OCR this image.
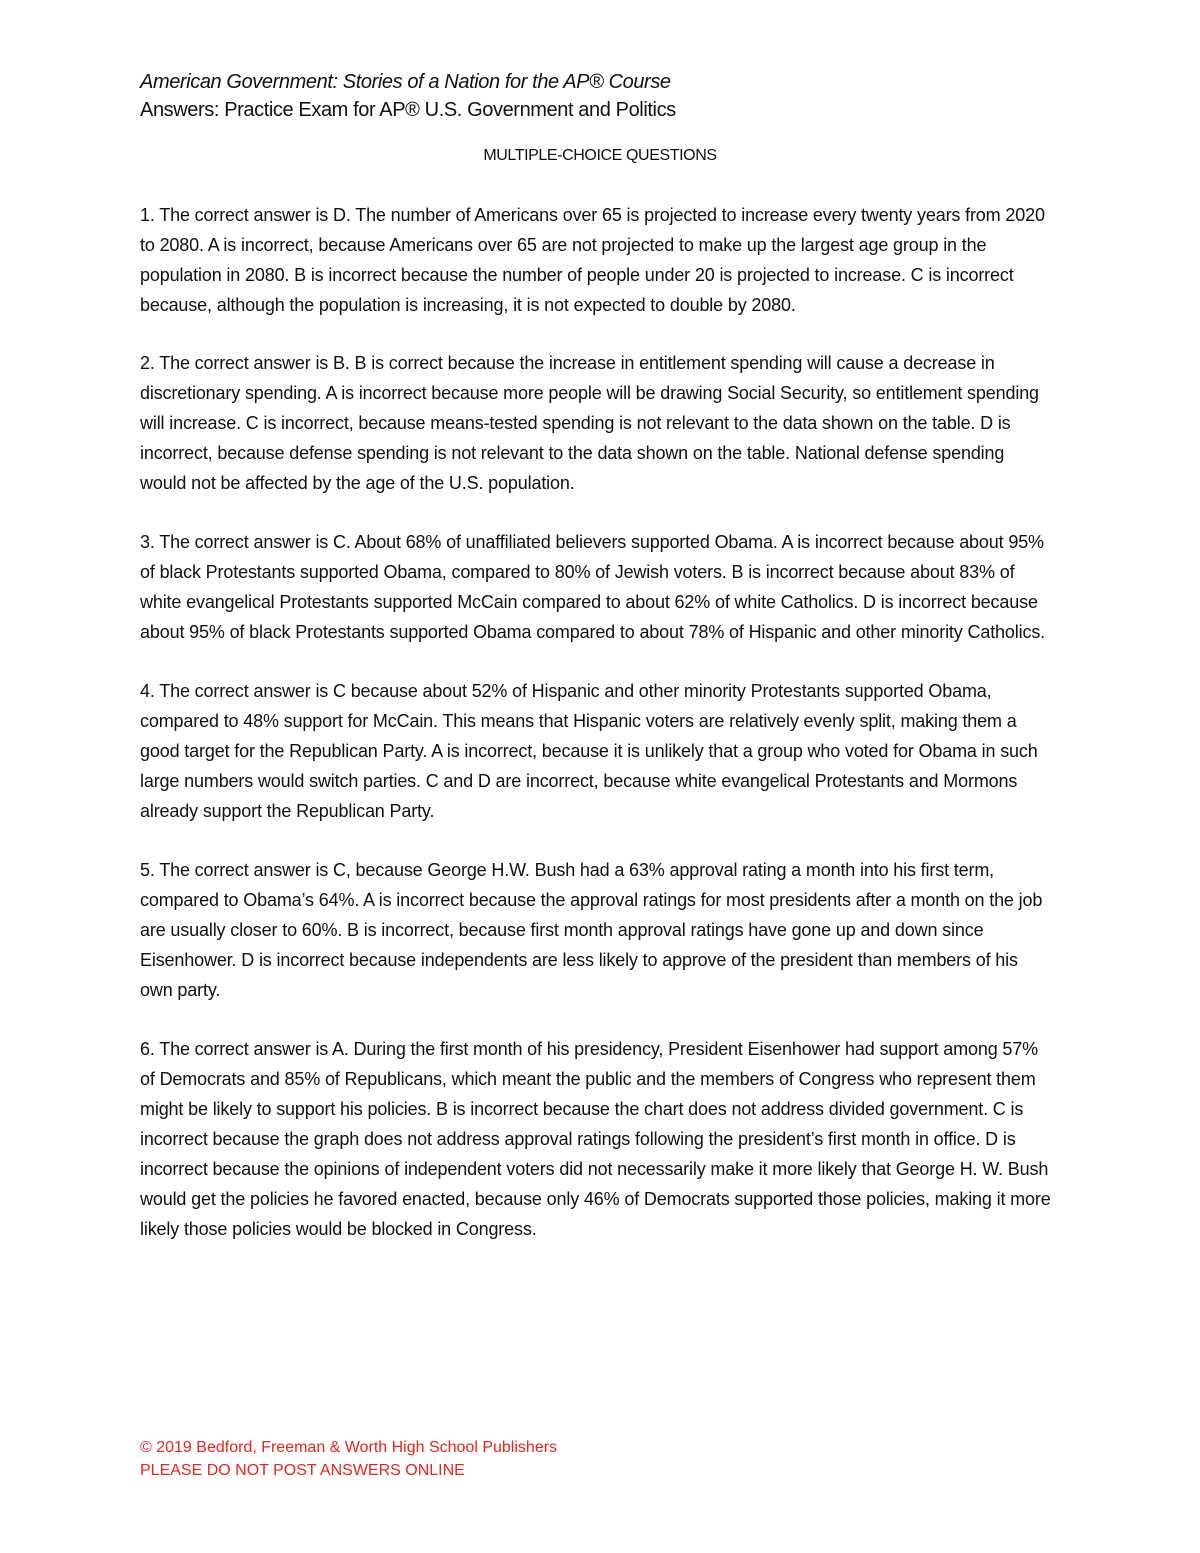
American Government: Stories of a Nation for the AP® Course
Answers: Practice Exam for AP® U.S. Government and Politics
MULTIPLE-CHOICE QUESTIONS

1. The correct answer is D. The number of Americans over 65 is projected to increase every twenty years from 2020 to 2080. A is incorrect, because Americans over 65 are not projected to make up the largest age group in the population in 2080. B is incorrect because the number of people under 20 is projected to increase. C is incorrect because, although the population is increasing, it is not expected to double by 2080.

2. The correct answer is B. B is correct because the increase in entitlement spending will cause a decrease in discretionary spending. A is incorrect because more people will be drawing Social Security, so entitlement spending will increase. C is incorrect, because means-tested spending is not relevant to the data shown on the table. D is incorrect, because defense spending is not relevant to the data shown on the table. National defense spending would not be affected by the age of the U.S. population.

3. The correct answer is C. About 68% of unaffiliated believers supported Obama. A is incorrect because about 95% of black Protestants supported Obama, compared to 80% of Jewish voters. B is incorrect because about 83% of white evangelical Protestants supported McCain compared to about 62% of white Catholics. D is incorrect because about 95% of black Protestants supported Obama compared to about 78% of Hispanic and other minority Catholics.

4. The correct answer is C because about 52% of Hispanic and other minority Protestants supported Obama, compared to 48% support for McCain. This means that Hispanic voters are relatively evenly split, making them a good target for the Republican Party. A is incorrect, because it is unlikely that a group who voted for Obama in such large numbers would switch parties. C and D are incorrect, because white evangelical Protestants and Mormons already support the Republican Party.

5. The correct answer is C, because George H.W. Bush had a 63% approval rating a month into his first term, compared to Obama’s 64%. A is incorrect because the approval ratings for most presidents after a month on the job are usually closer to 60%. B is incorrect, because first month approval ratings have gone up and down since Eisenhower. D is incorrect because independents are less likely to approve of the president than members of his own party.

6. The correct answer is A. During the first month of his presidency, President Eisenhower had support among 57% of Democrats and 85% of Republicans, which meant the public and the members of Congress who represent them might be likely to support his policies. B is incorrect because the chart does not address divided government. C is incorrect because the graph does not address approval ratings following the president’s first month in office. D is incorrect because the opinions of independent voters did not necessarily make it more likely that George H. W. Bush would get the policies he favored enacted, because only 46% of Democrats supported those policies, making it more likely those policies would be blocked in Congress.

© 2019 Bedford, Freeman & Worth High School Publishers
PLEASE DO NOT POST ANSWERS ONLINE
